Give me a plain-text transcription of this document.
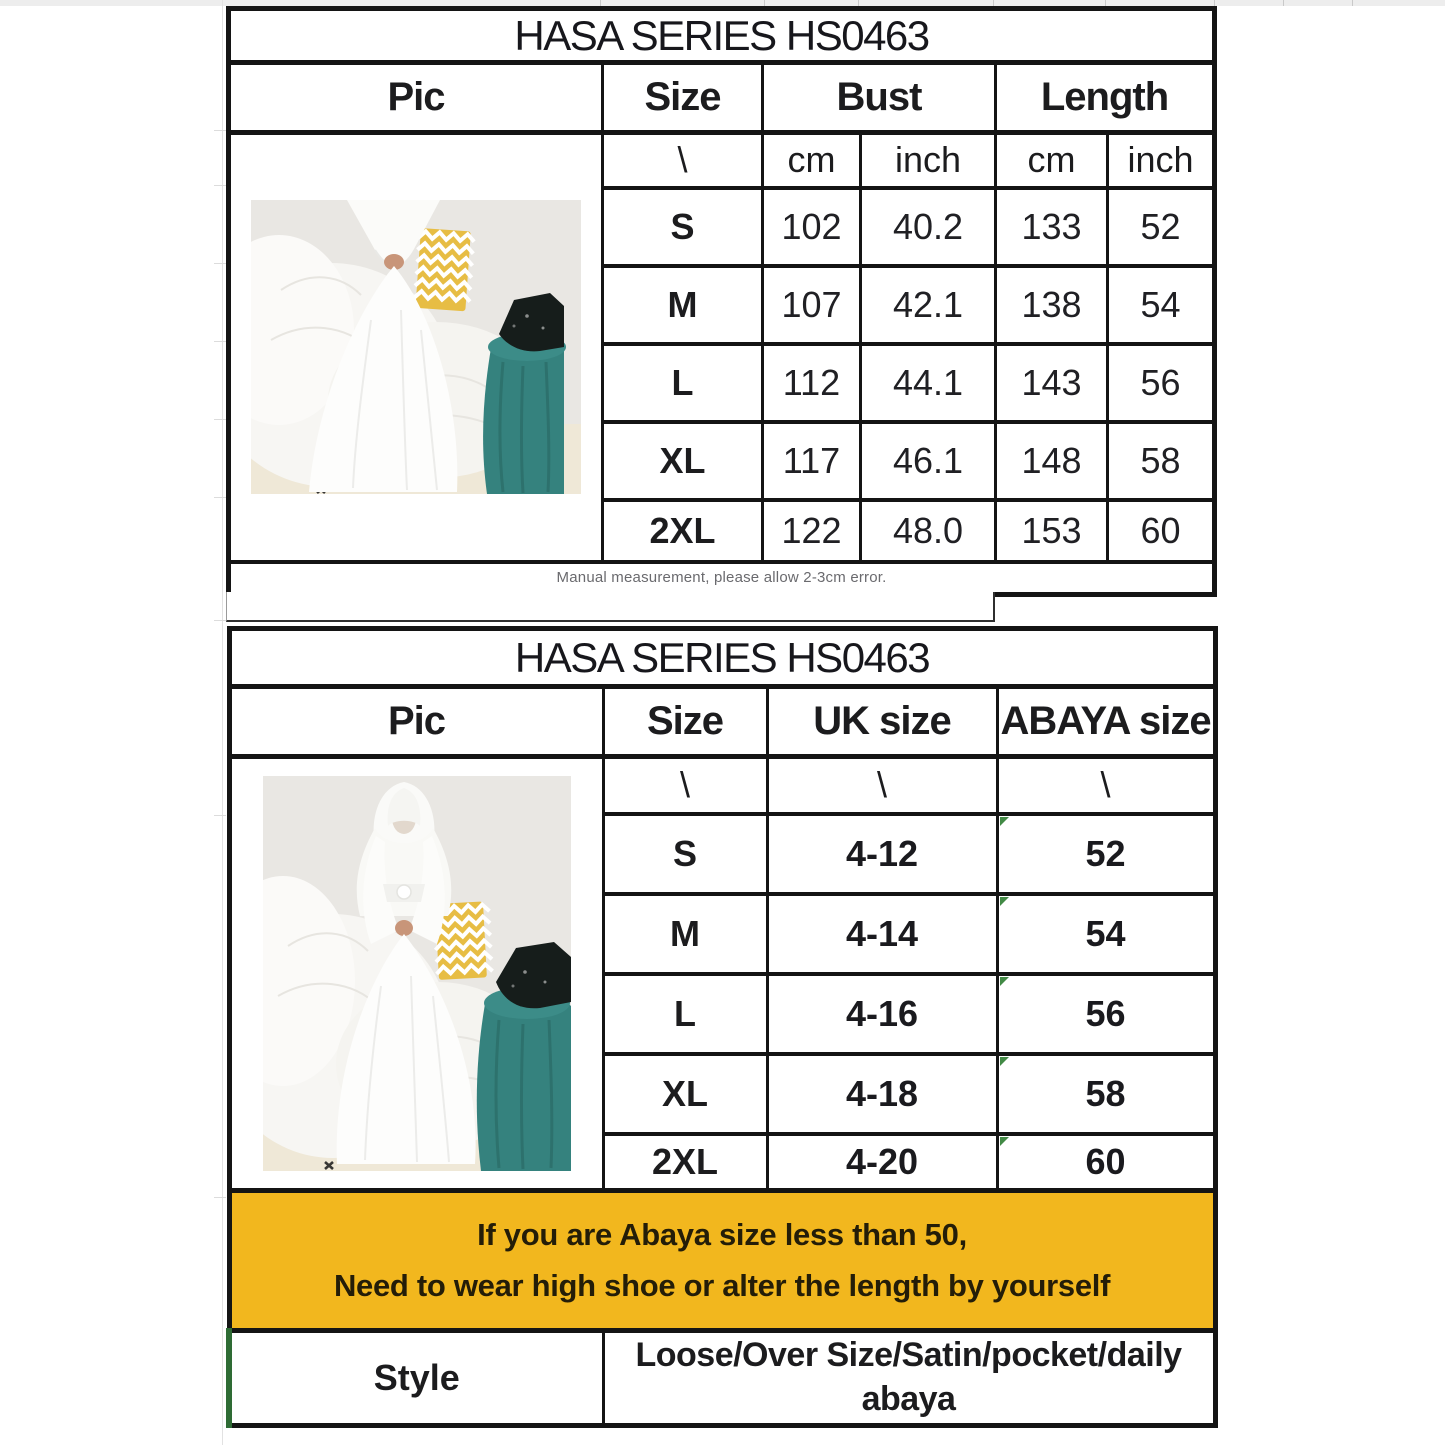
HASA SERIES HS0463					
Pic	Size	Bust		Length	

	\	cm	inch	cm	inch
	S	102	40.2	133	52
	M	107	42.1	138	54
	L	112	44.1	143	56
	XL	117	46.1	148	58
	2XL	122	48.0	153	60
Manual measurement, please allow 2-3cm error.					
HASA SERIES HS0463			
Pic	Size	UK size	ABAYA size

	\	\	\
	S	4-12	52
	M	4-14	54
	L	4-16	56
	XL	4-18	58
	2XL	4-20	60

If you are Abaya size less than 50,
Need to wear high shoe or alter the length by yourself			

Style	Loose/Over Size/Satin/pocket/daily abaya		
